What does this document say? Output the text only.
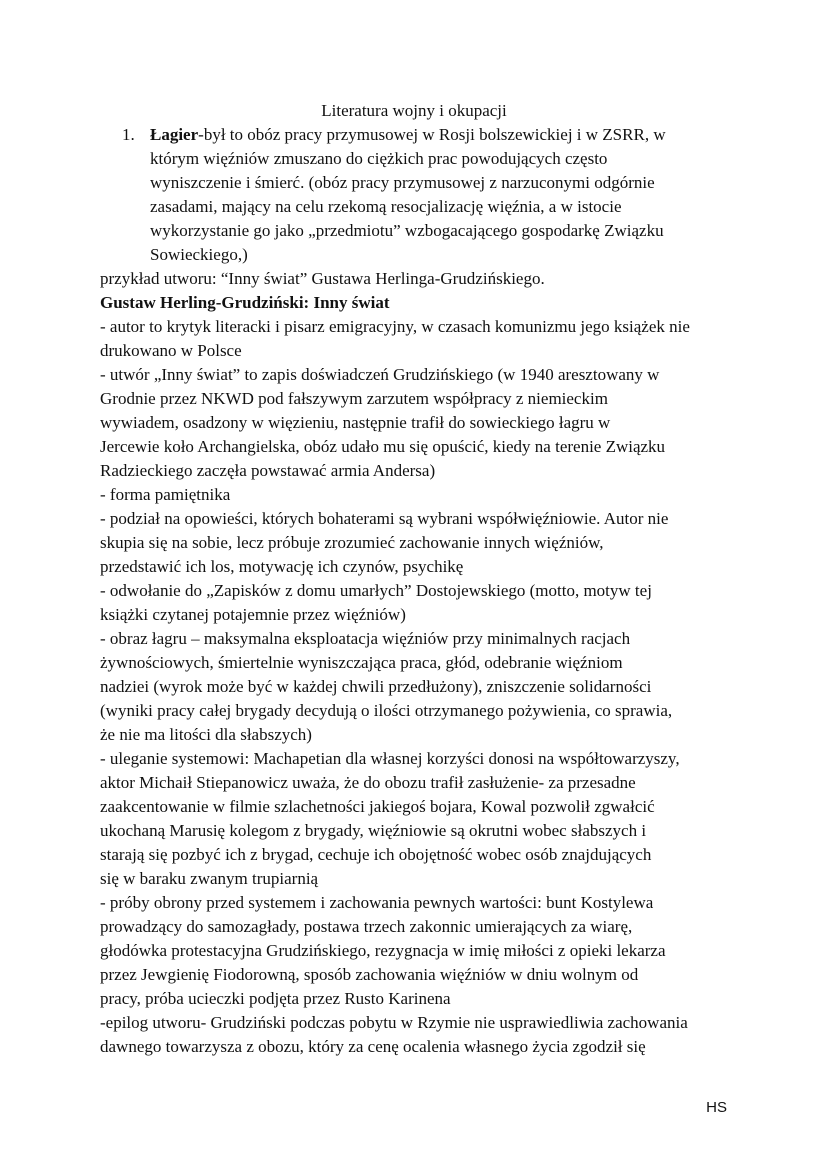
Literatura wojny i okupacji
1. Łagier-był to obóz pracy przymusowej w Rosji bolszewickiej i w ZSRR, w
którym więźniów zmuszano do ciężkich prac powodujących często
wyniszczenie i śmierć. (obóz pracy przymusowej z narzuconymi odgórnie
zasadami, mający na celu rzekomą resocjalizację więźnia, a w istocie
wykorzystanie go jako „przedmiotu” wzbogacającego gospodarkę Związku
Sowieckiego,)
przykład utworu: “Inny świat” Gustawa Herlinga-Grudzińskiego.
Gustaw Herling-Grudziński: Inny świat
- autor to krytyk literacki i pisarz emigracyjny, w czasach komunizmu jego książek nie
drukowano w Polsce
- utwór „Inny świat” to zapis doświadczeń Grudzińskiego (w 1940 aresztowany w
Grodnie przez NKWD pod fałszywym zarzutem współpracy z niemieckim
wywiadem, osadzony w więzieniu, następnie trafił do sowieckiego łagru w
Jercewie koło Archangielska, obóz udało mu się opuścić, kiedy na terenie Związku
Radzieckiego zaczęła powstawać armia Andersa)
- forma pamiętnika
- podział na opowieści, których bohaterami są wybrani współwięźniowie. Autor nie
skupia się na sobie, lecz próbuje zrozumieć zachowanie innych więźniów,
przedstawić ich los, motywację ich czynów, psychikę
- odwołanie do „Zapisków z domu umarłych” Dostojewskiego (motto, motyw tej
książki czytanej potajemnie przez więźniów)
- obraz łagru – maksymalna eksploatacja więźniów przy minimalnych racjach
żywnościowych, śmiertelnie wyniszczająca praca, głód, odebranie więźniom
nadziei (wyrok może być w każdej chwili przedłużony), zniszczenie solidarności
(wyniki pracy całej brygady decydują o ilości otrzymanego pożywienia, co sprawia,
że nie ma litości dla słabszych)
- uleganie systemowi: Machapetian dla własnej korzyści donosi na współtowarzyszy,
aktor Michaił Stiepanowicz uważa, że do obozu trafił zasłużenie- za przesadne
zaakcentowanie w filmie szlachetności jakiegoś bojara, Kowal pozwolił zgwałcić
ukochaną Marusię kolegom z brygady, więźniowie są okrutni wobec słabszych i
starają się pozbyć ich z brygad, cechuje ich obojętność wobec osób znajdujących
się w baraku zwanym trupiarnią
- próby obrony przed systemem i zachowania pewnych wartości: bunt Kostylewa
prowadzący do samozagłady, postawa trzech zakonnic umierających za wiarę,
głodówka protestacyjna Grudzińskiego, rezygnacja w imię miłości z opieki lekarza
przez Jewgienię Fiodorowną, sposób zachowania więźniów w dniu wolnym od
pracy, próba ucieczki podjęta przez Rusto Karinena
-epilog utworu- Grudziński podczas pobytu w Rzymie nie usprawiedliwia zachowania
dawnego towarzysza z obozu, który za cenę ocalenia własnego życia zgodził się
HS
